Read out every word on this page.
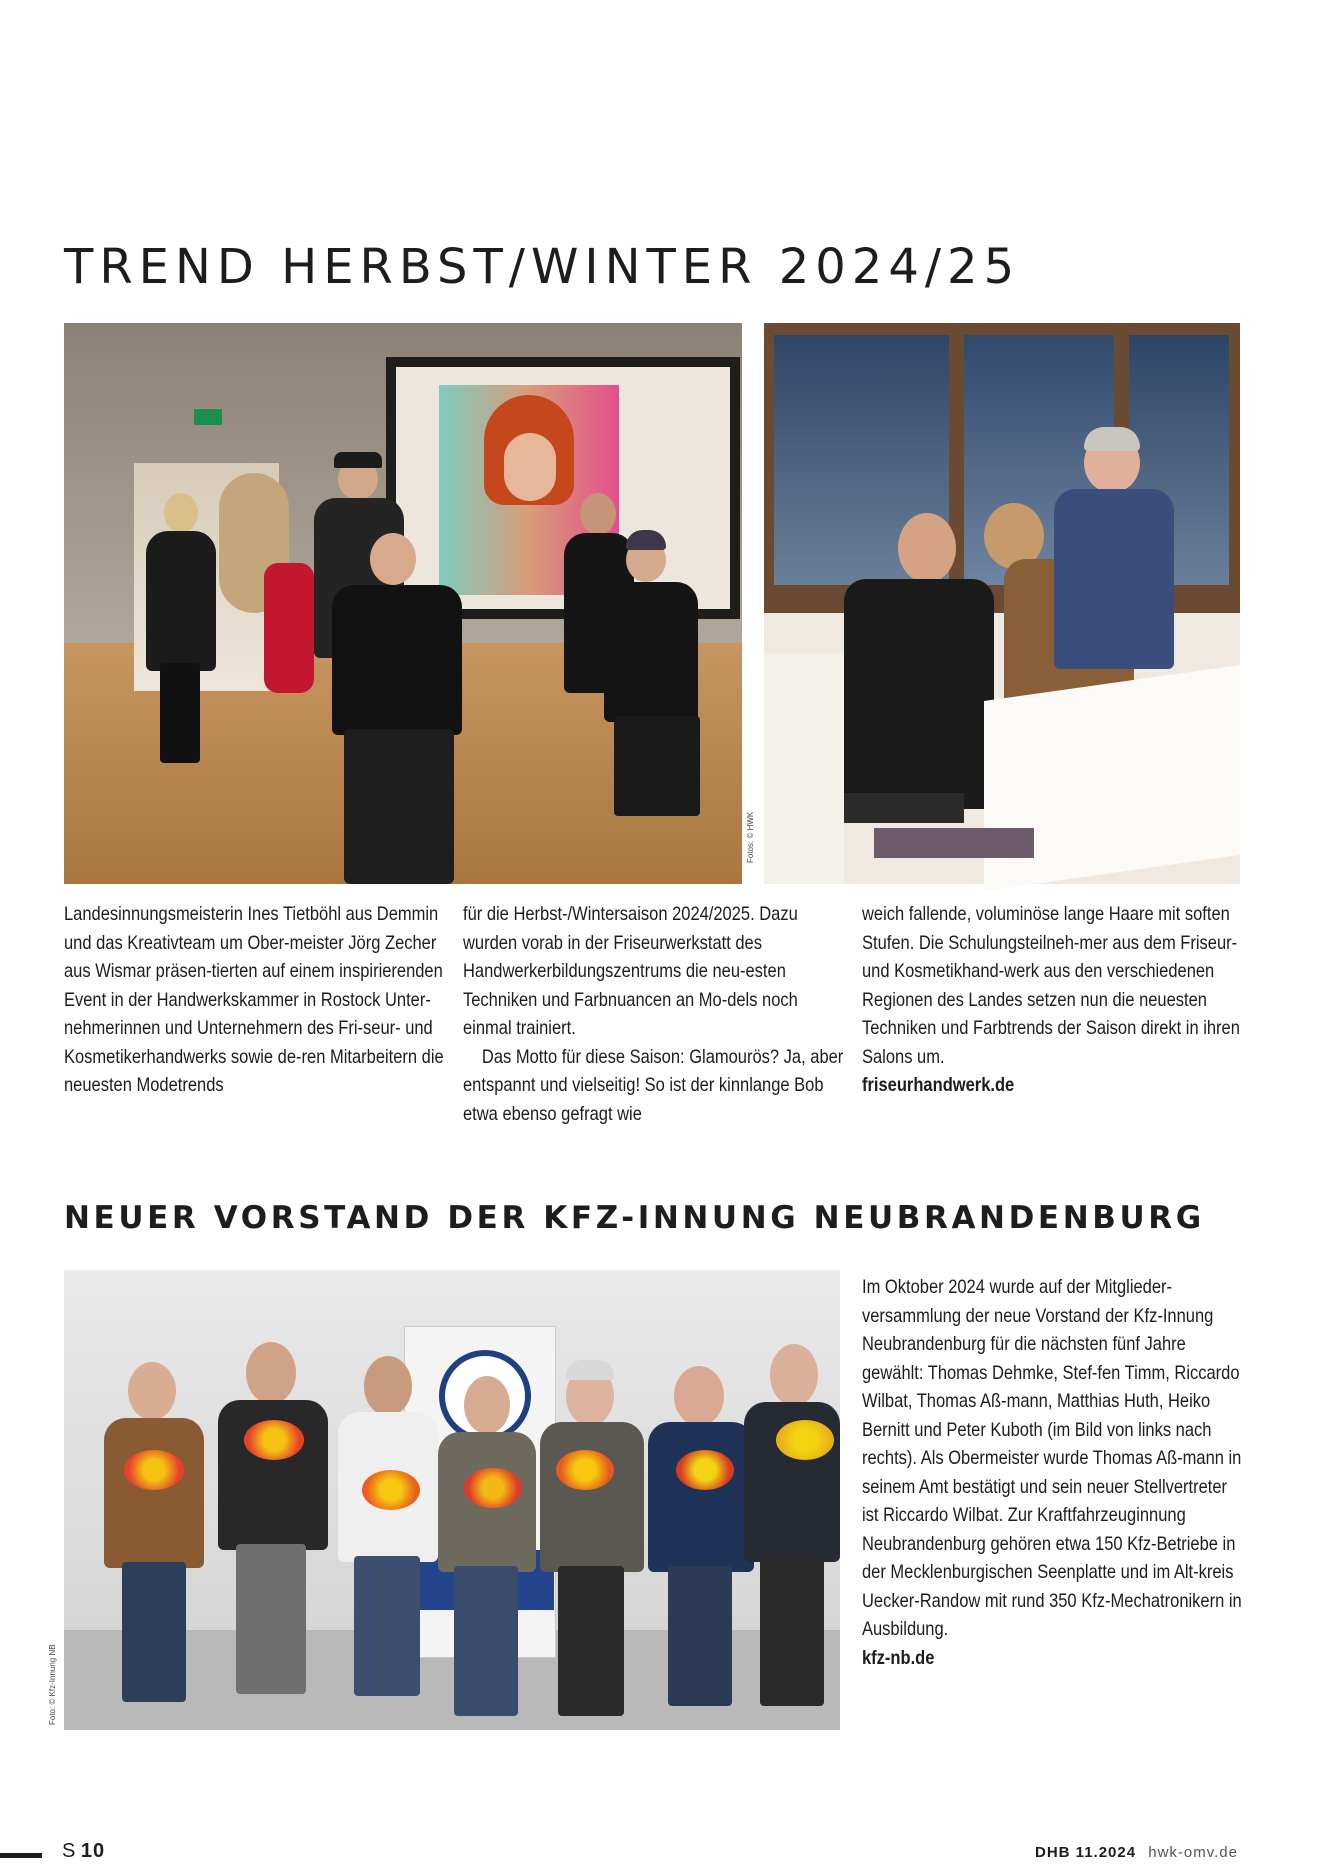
TREND HERBST/WINTER 2024/25
Fotos: © HWK

Landesinnungsmeisterin Ines Tietböhl aus Demmin und das Kreativteam um Ober-meister Jörg Zecher aus Wismar präsen-tierten auf einem inspirierenden Event in der Handwerkskammer in Rostock Unter-nehmerinnen und Unternehmern des Fri-seur- und Kosmetikerhandwerks sowie de-ren Mitarbeitern die neuesten Modetrends

für die Herbst-/Wintersaison 2024/2025. Dazu wurden vorab in der Friseurwerkstatt des Handwerkerbildungszentrums die neu-esten Techniken und Farbnuancen an Mo-dels noch einmal trainiert.

Das Motto für diese Saison: Glamourös? Ja, aber entspannt und vielseitig! So ist der kinnlange Bob etwa ebenso gefragt wie

weich fallende, voluminöse lange Haare mit soften Stufen. Die Schulungsteilneh-mer aus dem Friseur- und Kosmetikhand-werk aus den verschiedenen Regionen des Landes setzen nun die neuesten Techniken und Farbtrends der Saison direkt in ihren Salons um.

friseurhandwerk.de

NEUER VORSTAND DER KFZ-INNUNG NEUBRANDENBURG
Foto: © Kfz-Innung NB

Im Oktober 2024 wurde auf der Mitglieder-versammlung der neue Vorstand der Kfz-Innung Neubrandenburg für die nächsten fünf Jahre gewählt: Thomas Dehmke, Stef-fen Timm, Riccardo Wilbat, Thomas Aß-mann, Matthias Huth, Heiko Bernitt und Peter Kuboth (im Bild von links nach rechts). Als Obermeister wurde Thomas Aß-mann in seinem Amt bestätigt und sein neuer Stellvertreter ist Riccardo Wilbat. Zur Kraftfahrzeuginnung Neubrandenburg gehören etwa 150 Kfz-Betriebe in der Mecklenburgischen Seenplatte und im Alt-kreis Uecker-Randow mit rund 350 Kfz-Mechatronikern in Ausbildung.

kfz-nb.de

S 10	DHB 11.2024 hwk-omv.de
